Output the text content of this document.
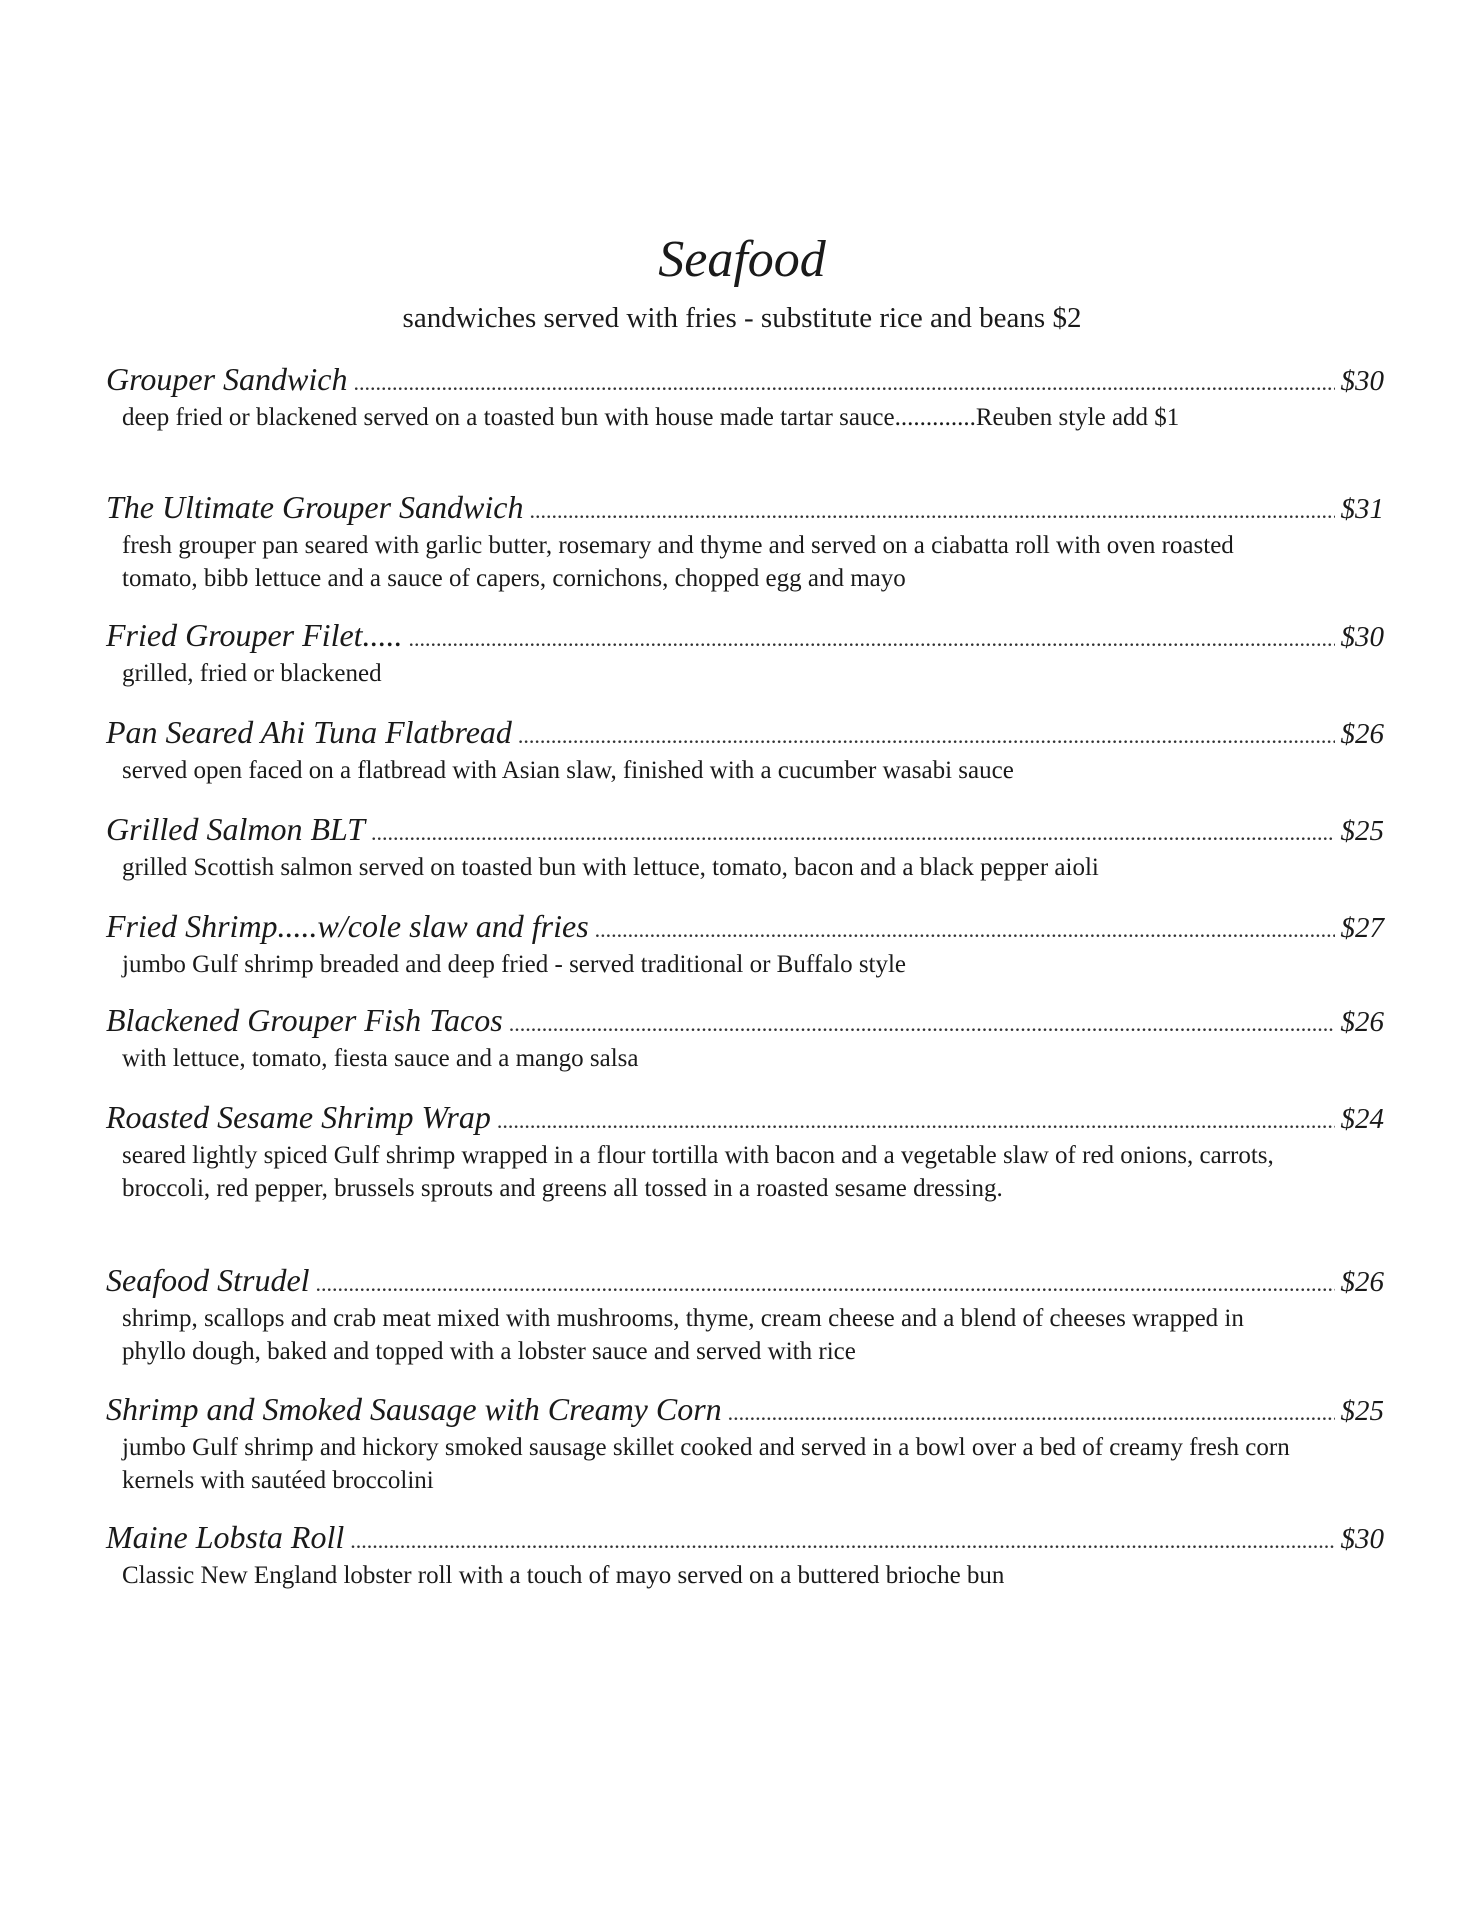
Seafood
sandwiches served with fries - substitute rice and beans $2
Grouper Sandwich .....	$30
deep fried or blackened served on a toasted bun with house made tartar sauce.............Reuben style add $1
The Ultimate Grouper Sandwich .....	$31
fresh grouper pan seared with garlic butter, rosemary and thyme and served on a ciabatta roll with oven roasted tomato, bibb lettuce and a sauce of capers, cornichons, chopped egg and mayo
Fried Grouper Filet..... .....	$30
grilled, fried or blackened
Pan Seared Ahi Tuna Flatbread .....	$26
served open faced on a flatbread with Asian slaw, finished with a cucumber wasabi sauce
Grilled Salmon BLT .....	$25
grilled Scottish salmon served on toasted bun with lettuce, tomato, bacon and a black pepper aioli
Fried Shrimp.....w/cole slaw and fries .....	$27
jumbo Gulf shrimp breaded and deep fried - served traditional or Buffalo style
Blackened Grouper Fish Tacos .....	$26
with lettuce, tomato, fiesta sauce and a mango salsa
Roasted Sesame Shrimp Wrap .....	$24
seared lightly spiced Gulf shrimp wrapped in a flour tortilla with bacon and a vegetable slaw of red onions, carrots, broccoli, red pepper, brussels sprouts and greens all tossed in a roasted sesame dressing.
Seafood Strudel .....	$26
shrimp, scallops and crab meat mixed with mushrooms, thyme, cream cheese and a blend of cheeses wrapped in phyllo dough, baked and topped with a lobster sauce and served with rice
Shrimp and Smoked Sausage with Creamy Corn .....	$25
jumbo Gulf shrimp and hickory smoked sausage skillet cooked and served in a bowl over a bed of creamy fresh corn kernels with sautéed broccolini
Maine Lobsta Roll .....	$30
Classic New England lobster roll with a touch of mayo served on a buttered brioche bun
